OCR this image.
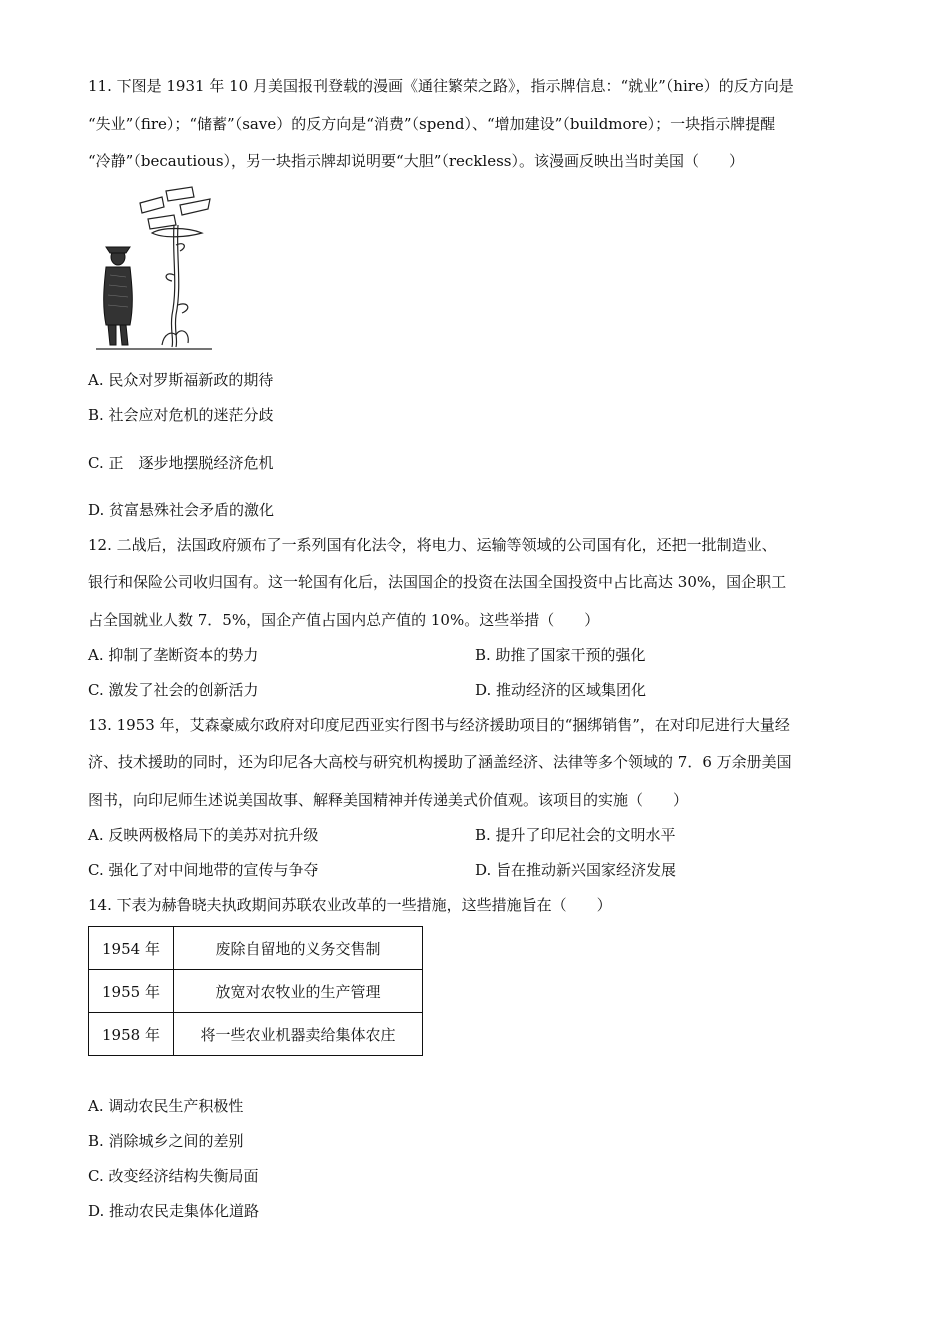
11. 下图是 1931 年 10 月美国报刊登载的漫画《通往繁荣之路》，指示牌信息：“就业”（hire）的反方向是
“失业”（fire）；“储蓄”（save）的反方向是“消费”（spend）、“增加建设”（buildmore）；一块指示牌提醒
“冷静”（becautious），另一块指示牌却说明要“大胆”（reckless）。该漫画反映出当时美国（　　）
A. 民众对罗斯福新政的期待
B. 社会应对危机的迷茫分歧
C. 正　逐步地摆脱经济危机
D. 贫富悬殊社会矛盾的激化
12. 二战后，法国政府颁布了一系列国有化法令，将电力、运输等领域的公司国有化，还把一批制造业、
银行和保险公司收归国有。这一轮国有化后，法国国企的投资在法国全国投资中占比高达 30%，国企职工
占全国就业人数 7．5%，国企产值占国内总产值的 10%。这些举措（　　）
A. 抑制了垄断资本的势力	B. 助推了国家干预的强化
C. 激发了社会的创新活力	D. 推动经济的区域集团化
13. 1953 年，艾森豪威尔政府对印度尼西亚实行图书与经济援助项目的“捆绑销售”，在对印尼进行大量经
济、技术援助的同时，还为印尼各大高校与研究机构援助了涵盖经济、法律等多个领域的 7．6 万余册美国
图书，向印尼师生述说美国故事、解释美国精神并传递美式价值观。该项目的实施（　　）
A. 反映两极格局下的美苏对抗升级	B. 提升了印尼社会的文明水平
C. 强化了对中间地带的宣传与争夺	D. 旨在推动新兴国家经济发展
14. 下表为赫鲁晓夫执政期间苏联农业改革的一些措施，这些措施旨在（　　）
1954 年	废除自留地的义务交售制
1955 年	放宽对农牧业的生产管理
1958 年	将一些农业机器卖给集体农庄
A. 调动农民生产积极性
B. 消除城乡之间的差别
C. 改变经济结构失衡局面
D. 推动农民走集体化道路
